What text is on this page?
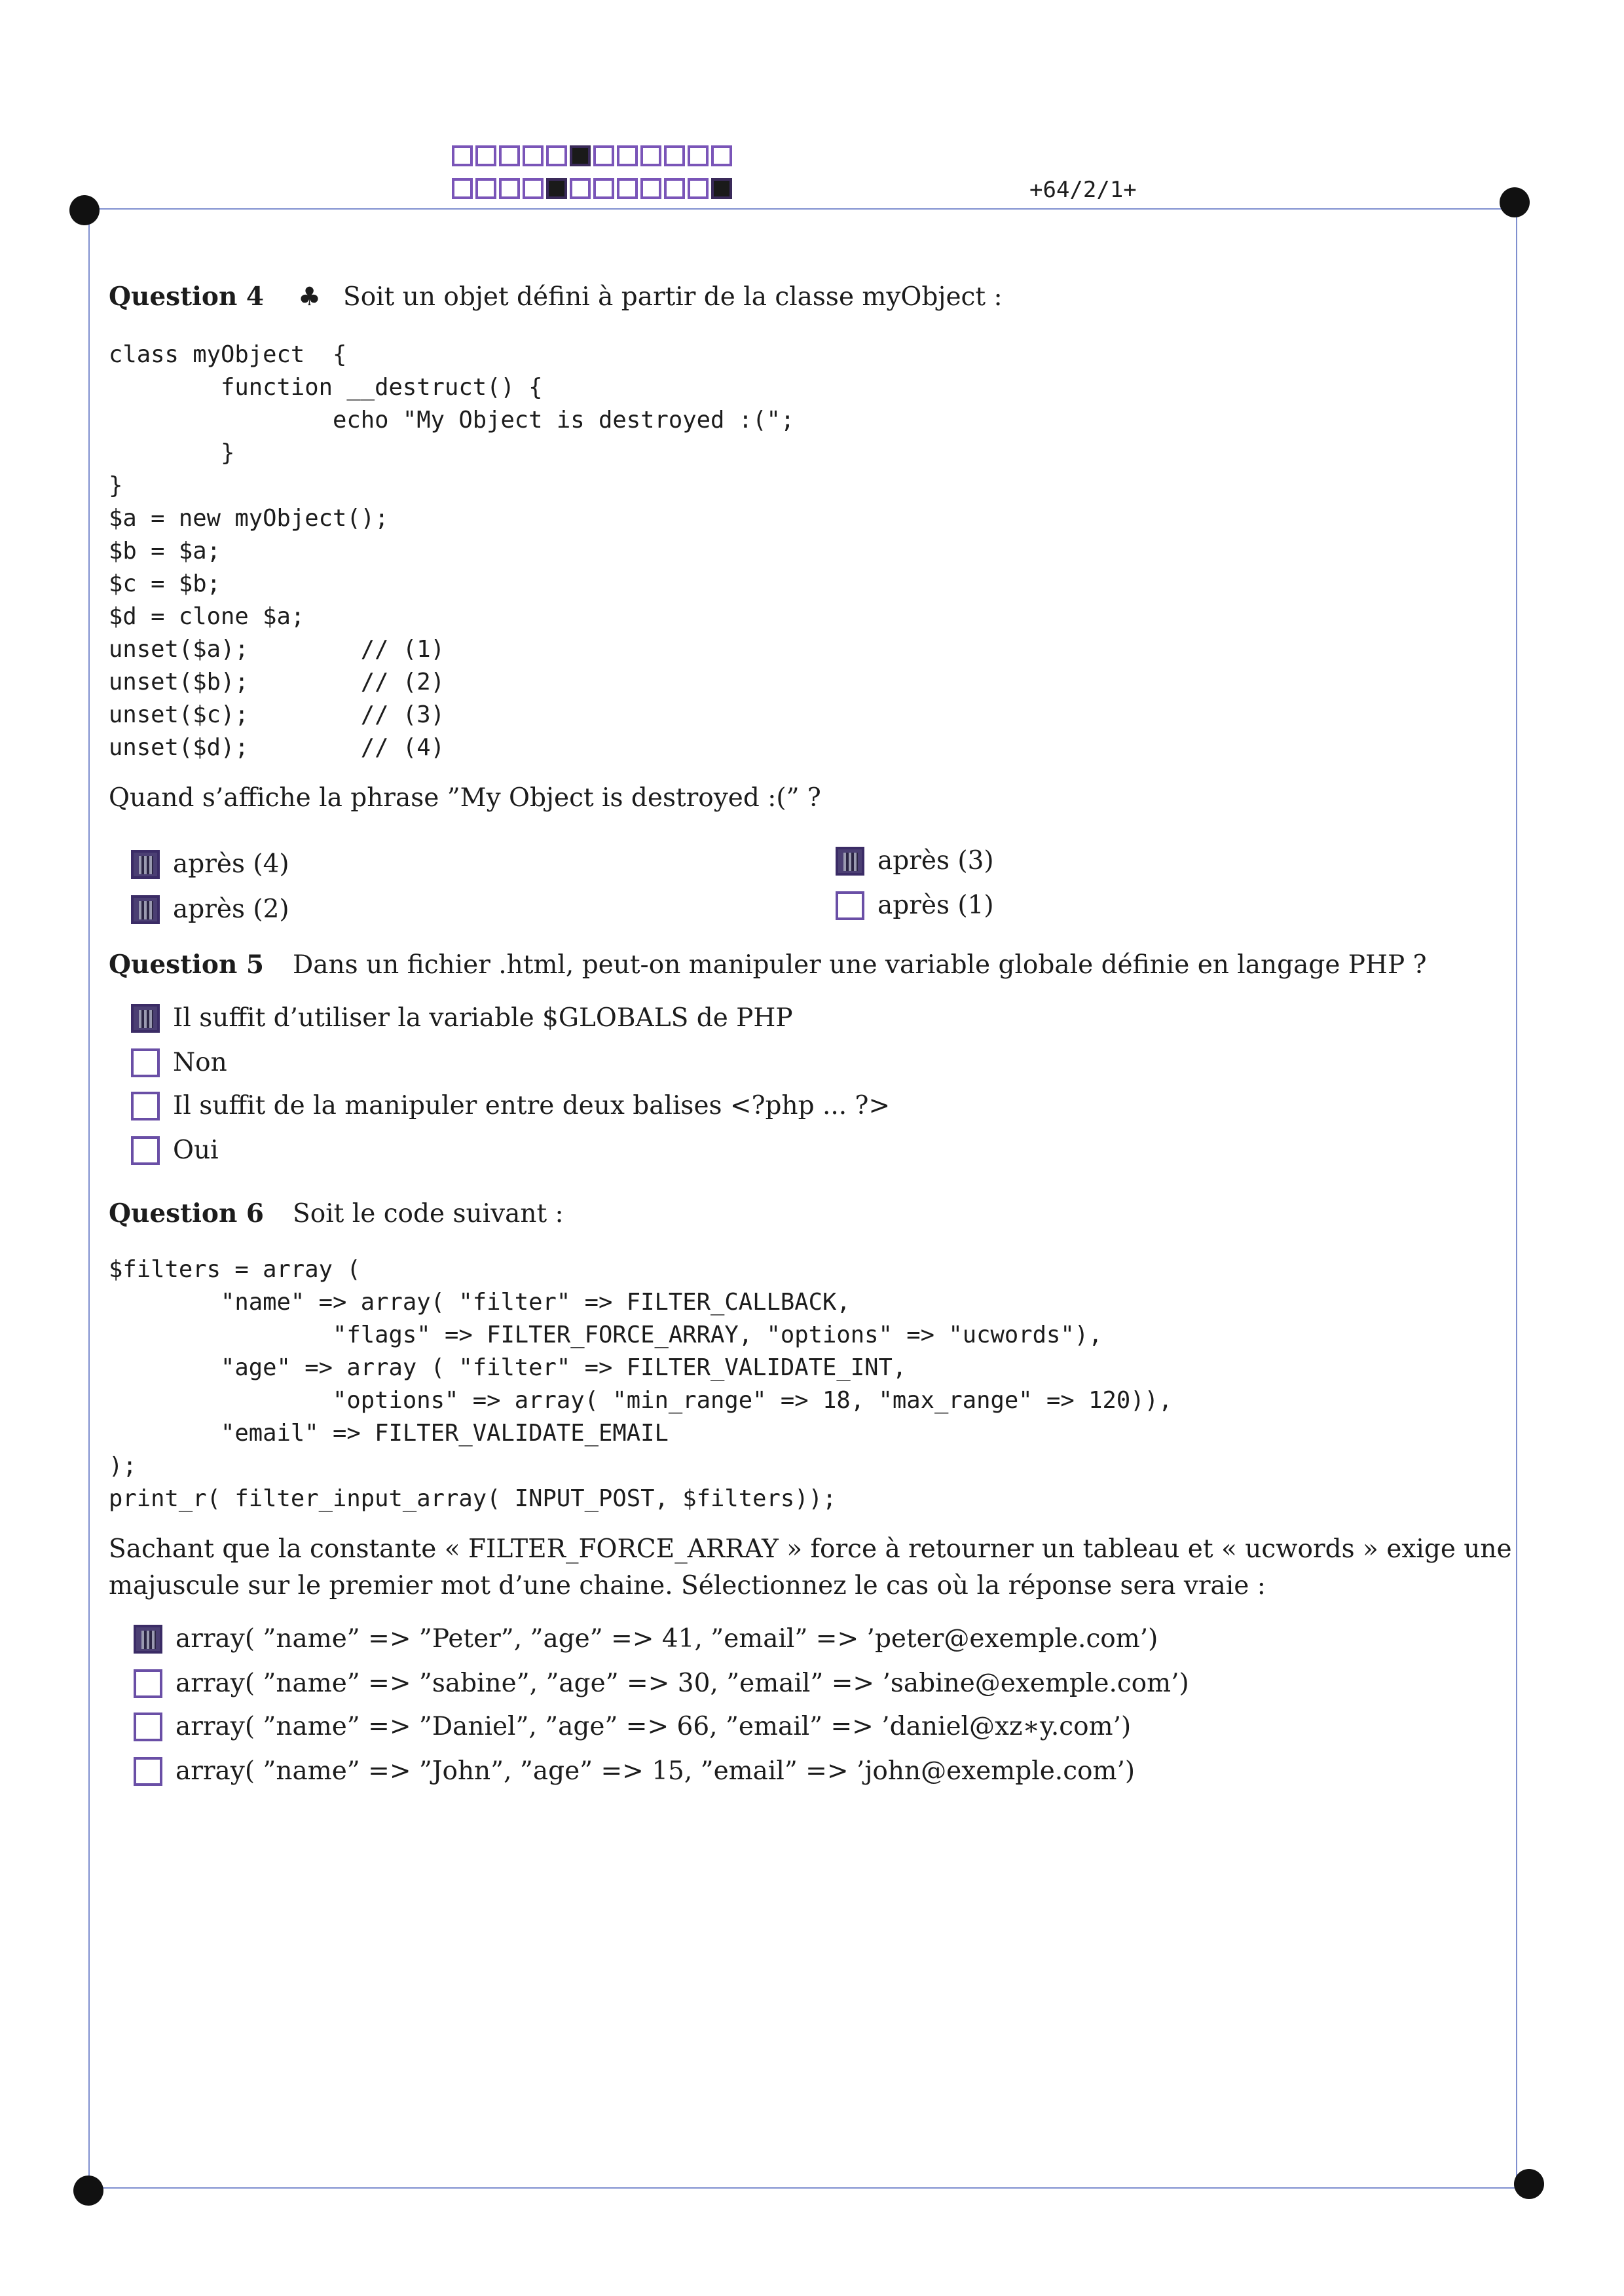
+64/2/1+
Question 4 ♣ Soit un objet défini à partir de la classe myObject :
class myObject  {
function __destruct() {
echo "My Object is destroyed :(";
}
}
$a = new myObject();
$b = $a;
$c = $b;
$d = clone $a;
unset($a);        // (1)
unset($b);        // (2)
unset($c);        // (3)
unset($d);        // (4)
Quand s’affiche la phrase ”My Object is destroyed :(” ?
après (4)
après (2)
après (3)
après (1)
Question 5 Dans un fichier .html, peut-on manipuler une variable globale définie en langage PHP ?
Il suffit d’utiliser la variable $GLOBALS de PHP
Non
Il suffit de la manipuler entre deux balises <?php ... ?>
Oui
Question 6 Soit le code suivant :
$filters = array (
"name" => array( "filter" => FILTER_CALLBACK,
"flags" => FILTER_FORCE_ARRAY, "options" => "ucwords"),
"age" => array ( "filter" => FILTER_VALIDATE_INT,
"options" => array( "min_range" => 18, "max_range" => 120)),
"email" => FILTER_VALIDATE_EMAIL
);
print_r( filter_input_array( INPUT_POST, $filters));
Sachant que la constante « FILTER_FORCE_ARRAY » force à retourner un tableau et « ucwords » exige une majuscule sur le premier mot d’une chaine. Sélectionnez le cas où la réponse sera vraie :
array( ”name” => ”Peter”, ”age” => 41, ”email” => ’peter@exemple.com’)
array( ”name” => ”sabine”, ”age” => 30, ”email” => ’sabine@exemple.com’)
array( ”name” => ”Daniel”, ”age” => 66, ”email” => ’daniel@xz∗y.com’)
array( ”name” => ”John”, ”age” => 15, ”email” => ’john@exemple.com’)
